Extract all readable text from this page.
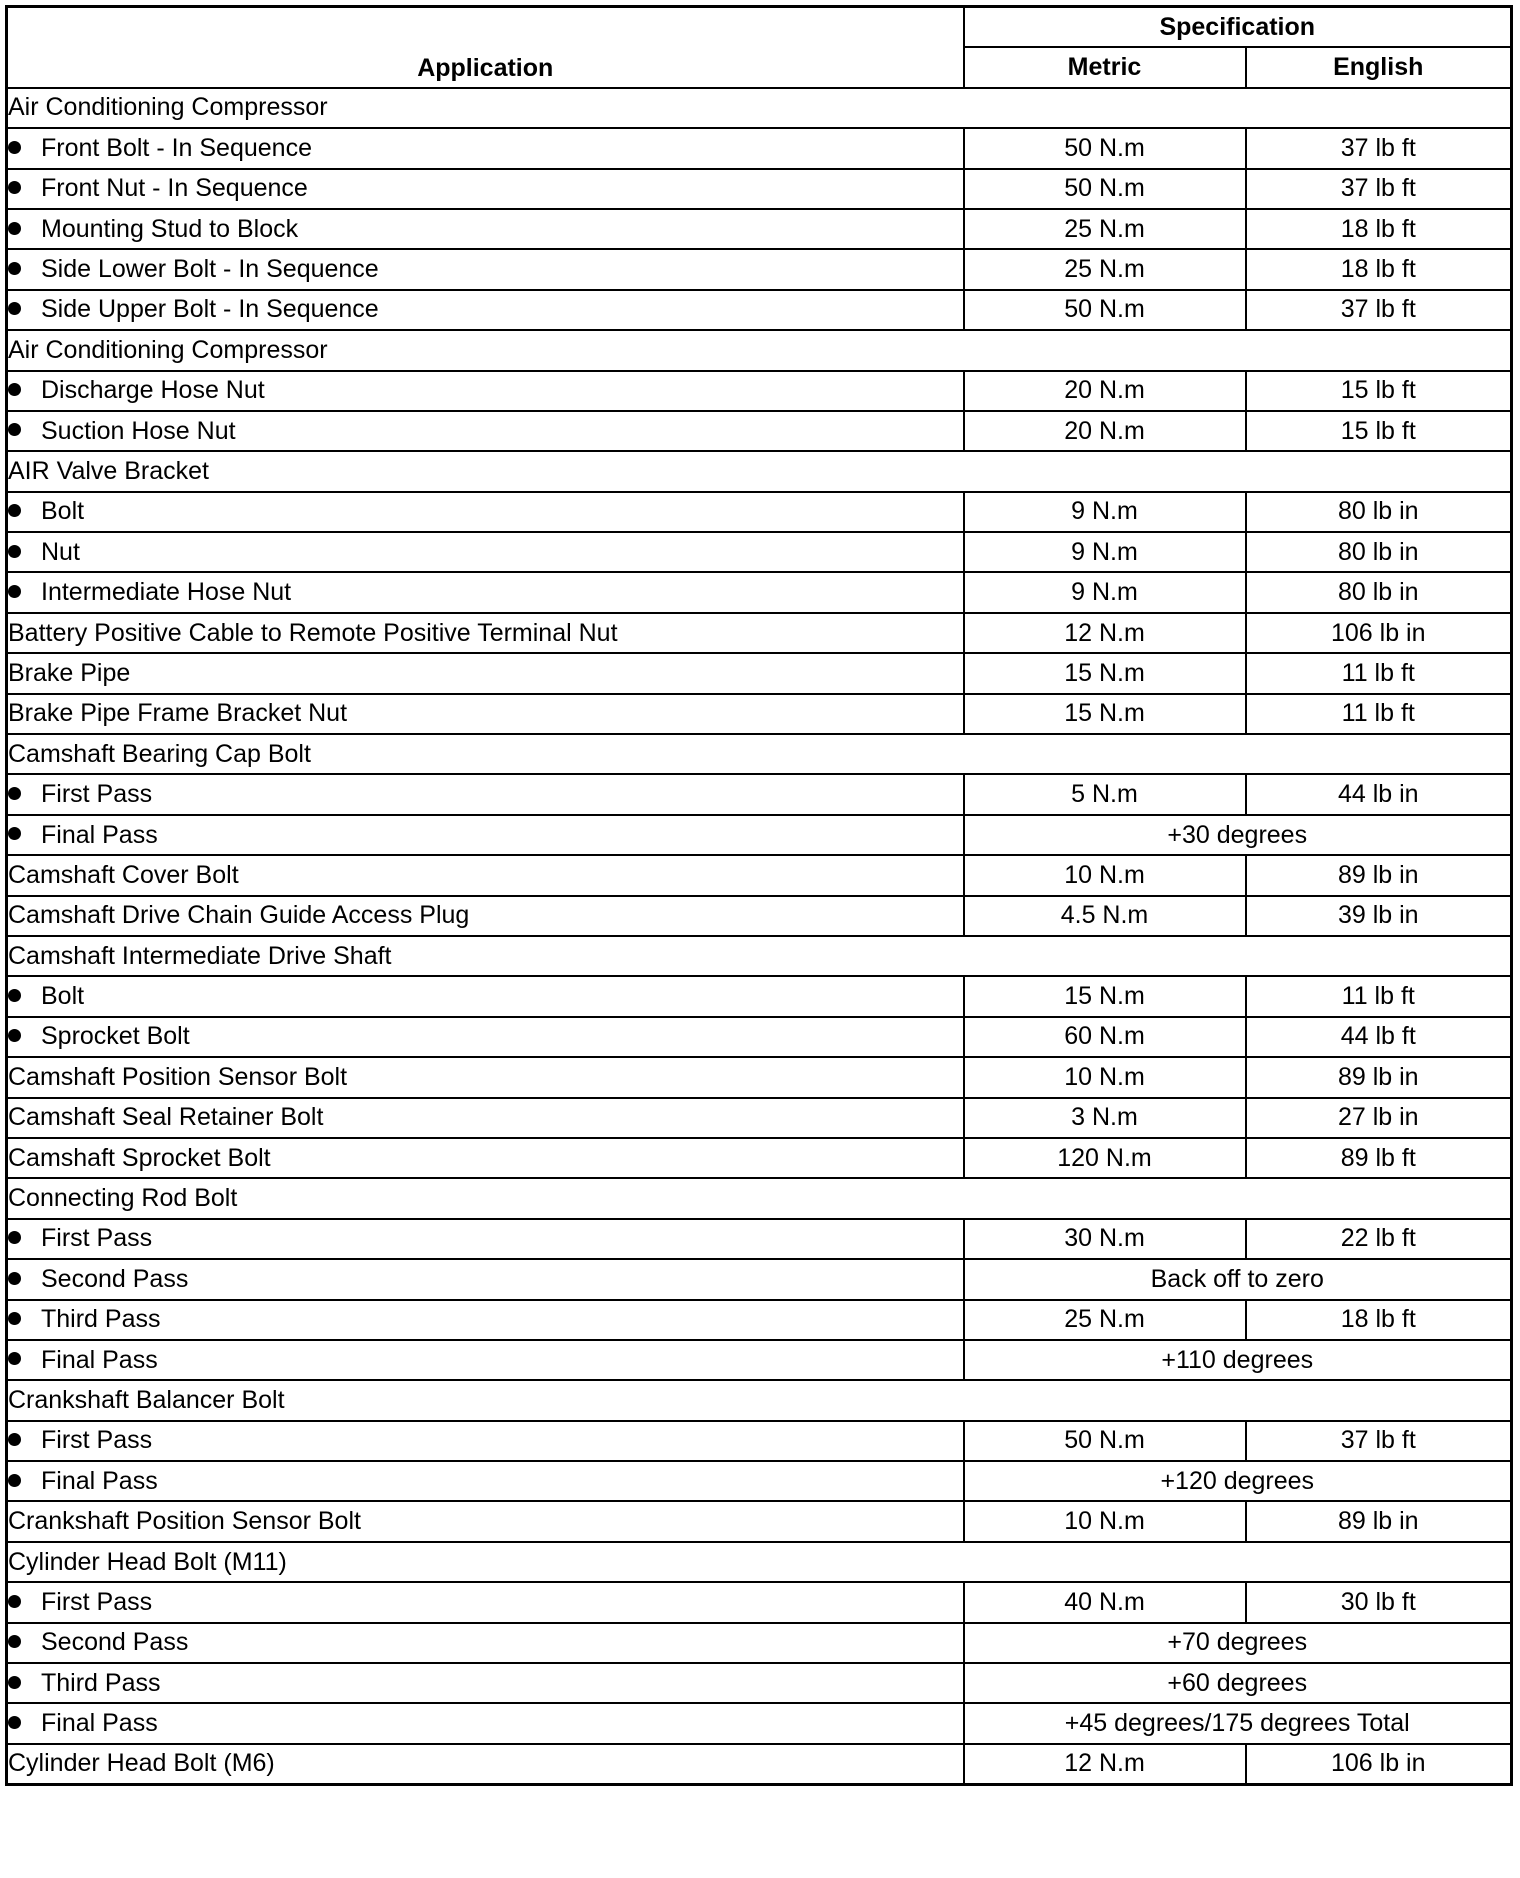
Application	Specification	
	Metric	English
Air Conditioning Compressor		
Front Bolt - In Sequence	50 N.m	37 lb ft
Front Nut - In Sequence	50 N.m	37 lb ft
Mounting Stud to Block	25 N.m	18 lb ft
Side Lower Bolt - In Sequence	25 N.m	18 lb ft
Side Upper Bolt - In Sequence	50 N.m	37 lb ft
Air Conditioning Compressor		
Discharge Hose Nut	20 N.m	15 lb ft
Suction Hose Nut	20 N.m	15 lb ft
AIR Valve Bracket		
Bolt	9 N.m	80 lb in
Nut	9 N.m	80 lb in
Intermediate Hose Nut	9 N.m	80 lb in
Battery Positive Cable to Remote Positive Terminal Nut	12 N.m	106 lb in
Brake Pipe	15 N.m	11 lb ft
Brake Pipe Frame Bracket Nut	15 N.m	11 lb ft
Camshaft Bearing Cap Bolt		
First Pass	5 N.m	44 lb in
Final Pass	+30 degrees	
Camshaft Cover Bolt	10 N.m	89 lb in
Camshaft Drive Chain Guide Access Plug	4.5 N.m	39 lb in
Camshaft Intermediate Drive Shaft		
Bolt	15 N.m	11 lb ft
Sprocket Bolt	60 N.m	44 lb ft
Camshaft Position Sensor Bolt	10 N.m	89 lb in
Camshaft Seal Retainer Bolt	3 N.m	27 lb in
Camshaft Sprocket Bolt	120 N.m	89 lb ft
Connecting Rod Bolt		
First Pass	30 N.m	22 lb ft
Second Pass	Back off to zero	
Third Pass	25 N.m	18 lb ft
Final Pass	+110 degrees	
Crankshaft Balancer Bolt		
First Pass	50 N.m	37 lb ft
Final Pass	+120 degrees	
Crankshaft Position Sensor Bolt	10 N.m	89 lb in
Cylinder Head Bolt (M11)		
First Pass	40 N.m	30 lb ft
Second Pass	+70 degrees	
Third Pass	+60 degrees	
Final Pass	+45 degrees/175 degrees Total	
Cylinder Head Bolt (M6)	12 N.m	106 lb in
